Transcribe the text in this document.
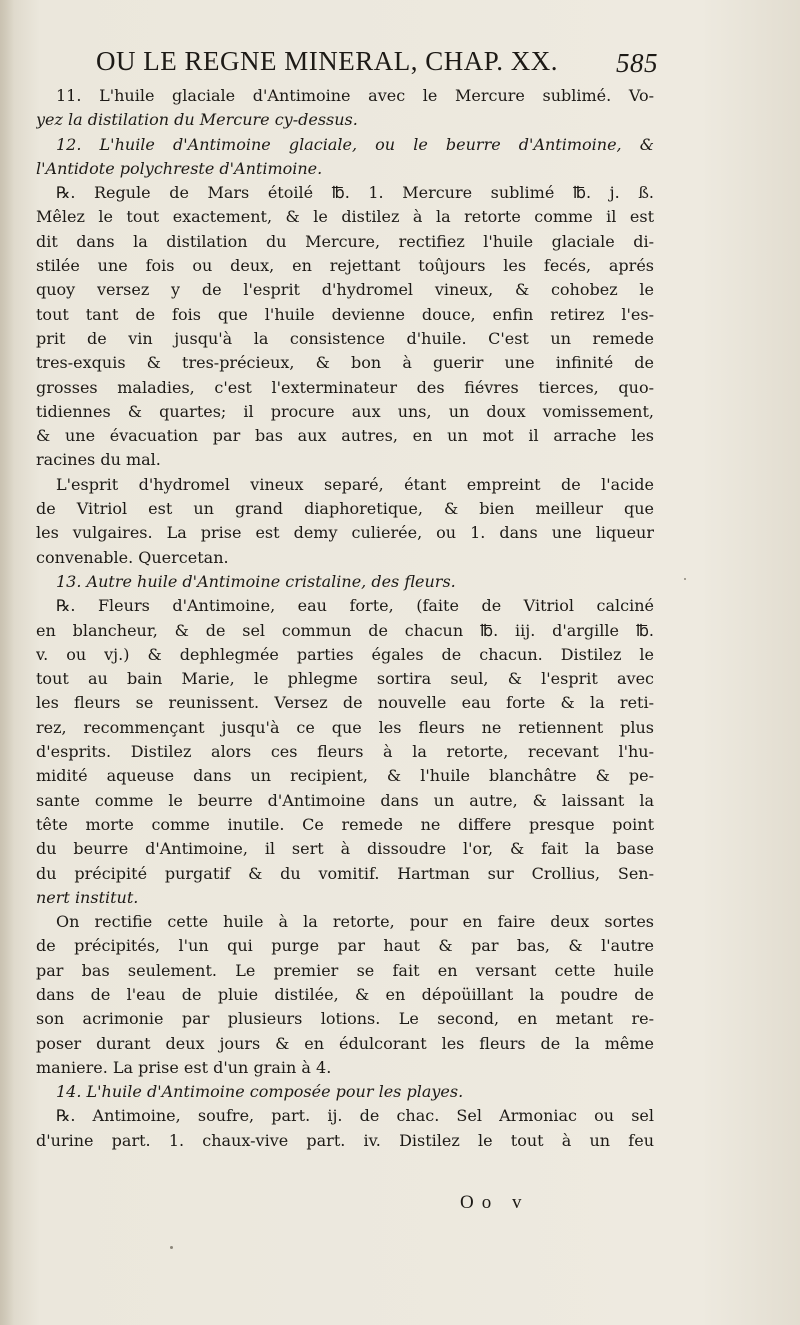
OU LE REGNE MINERAL, CHAP. XX. 585
11. L'huile glaciale d'Antimoine avec le Mercure sublimé. Vo-
yez la distilation du Mercure cy-dessus.
12. L'huile d'Antimoine glaciale, ou le beurre d'Antimoine, &
l'Antidote polychreste d'Antimoine.
℞. Regule de Mars étoilé ℔. 1. Mercure sublimé ℔. j. ß.
Mêlez le tout exactement, & le distilez à la retorte comme il est
dit dans la distilation du Mercure, rectifiez l'huile glaciale di-
stilée une fois ou deux, en rejettant toûjours les fecés, aprés
quoy versez y de l'esprit d'hydromel vineux, & cohobez le
tout tant de fois que l'huile devienne douce, enfin retirez l'es-
prit de vin jusqu'à la consistence d'huile. C'est un remede
tres-exquis & tres-précieux, & bon à guerir une infinité de
grosses maladies, c'est l'exterminateur des fiévres tierces, quo-
tidiennes & quartes; il procure aux uns, un doux vomissement,
& une évacuation par bas aux autres, en un mot il arrache les
racines du mal.
L'esprit d'hydromel vineux separé, étant empreint de l'acide
de Vitriol est un grand diaphoretique, & bien meilleur que
les vulgaires. La prise est demy culierée, ou 1. dans une liqueur
convenable. Quercetan.
13. Autre huile d'Antimoine cristaline, des fleurs.
℞. Fleurs d'Antimoine, eau forte, (faite de Vitriol calciné
en blancheur, & de sel commun de chacun ℔. iij. d'argille ℔.
v. ou vj.) & dephlegmée parties égales de chacun. Distilez le
tout au bain Marie, le phlegme sortira seul, & l'esprit avec
les fleurs se reunissent. Versez de nouvelle eau forte & la reti-
rez, recommençant jusqu'à ce que les fleurs ne retiennent plus
d'esprits. Distilez alors ces fleurs à la retorte, recevant l'hu-
midité aqueuse dans un recipient, & l'huile blanchâtre & pe-
sante comme le beurre d'Antimoine dans un autre, & laissant la
tête morte comme inutile. Ce remede ne differe presque point
du beurre d'Antimoine, il sert à dissoudre l'or, & fait la base
du précipité purgatif & du vomitif. Hartman sur Crollius, Sen-
nert institut.
On rectifie cette huile à la retorte, pour en faire deux sortes
de précipités, l'un qui purge par haut & par bas, & l'autre
par bas seulement. Le premier se fait en versant cette huile
dans de l'eau de pluie distilée, & en dépoüillant la poudre de
son acrimonie par plusieurs lotions. Le second, en metant re-
poser durant deux jours & en édulcorant les fleurs de la même
maniere. La prise est d'un grain à 4.
14. L'huile d'Antimoine composée pour les playes.
℞. Antimoine, soufre, part. ij. de chac. Sel Armoniac ou sel
d'urine part. 1. chaux-vive part. iv. Distilez le tout à un feu
Oo v
